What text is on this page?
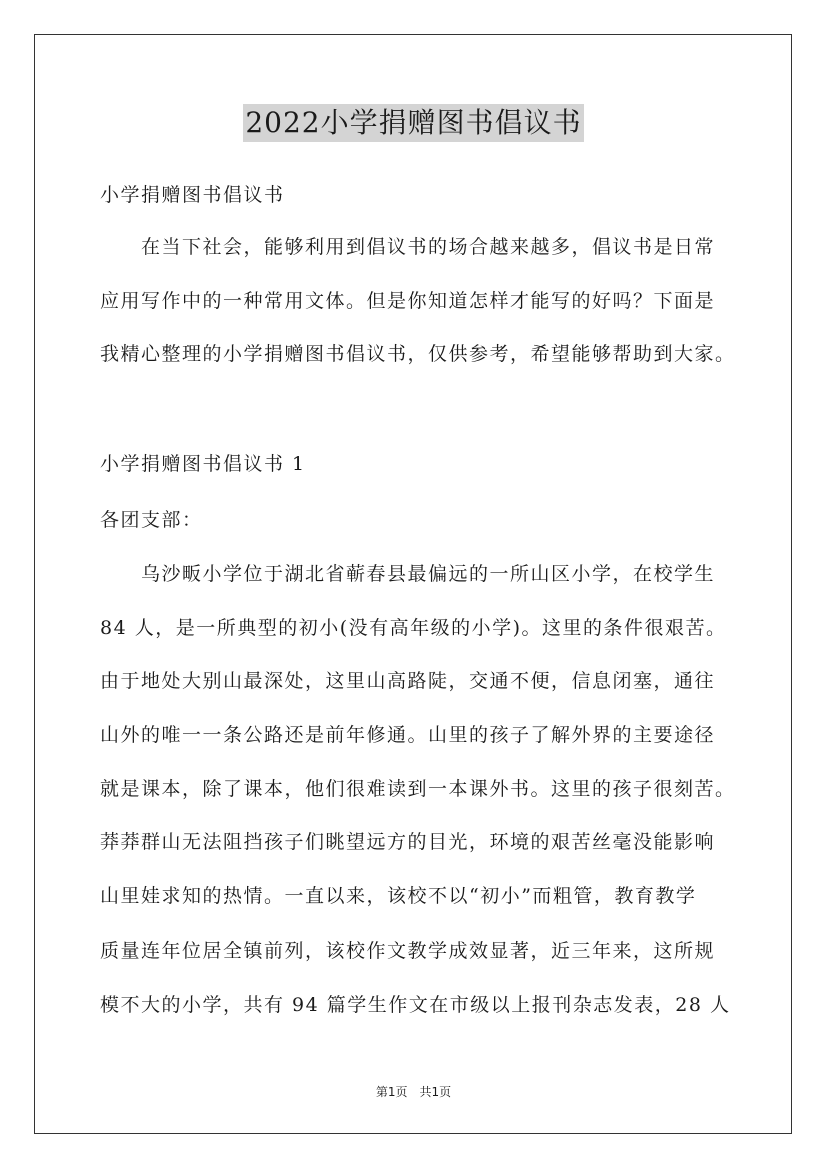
2022小学捐赠图书倡议书
小学捐赠图书倡议书
　　在当下社会，能够利用到倡议书的场合越来越多，倡议书是日常
应用写作中的一种常用文体。但是你知道怎样才能写的好吗？下面是
我精心整理的小学捐赠图书倡议书，仅供参考，希望能够帮助到大家。
小学捐赠图书倡议书 1
各团支部：
　　乌沙畈小学位于湖北省蕲春县最偏远的一所山区小学，在校学生
84 人，是一所典型的初小(没有高年级的小学)。这里的条件很艰苦。
由于地处大别山最深处，这里山高路陡，交通不便，信息闭塞，通往
山外的唯一一条公路还是前年修通。山里的孩子了解外界的主要途径
就是课本，除了课本，他们很难读到一本课外书。这里的孩子很刻苦。
莽莽群山无法阻挡孩子们眺望远方的目光，环境的艰苦丝毫没能影响
山里娃求知的热情。一直以来，该校不以“初小”而粗管，教育教学
质量连年位居全镇前列，该校作文教学成效显著，近三年来，这所规
模不大的小学，共有 94 篇学生作文在市级以上报刊杂志发表，28 人
第1页　共1页
